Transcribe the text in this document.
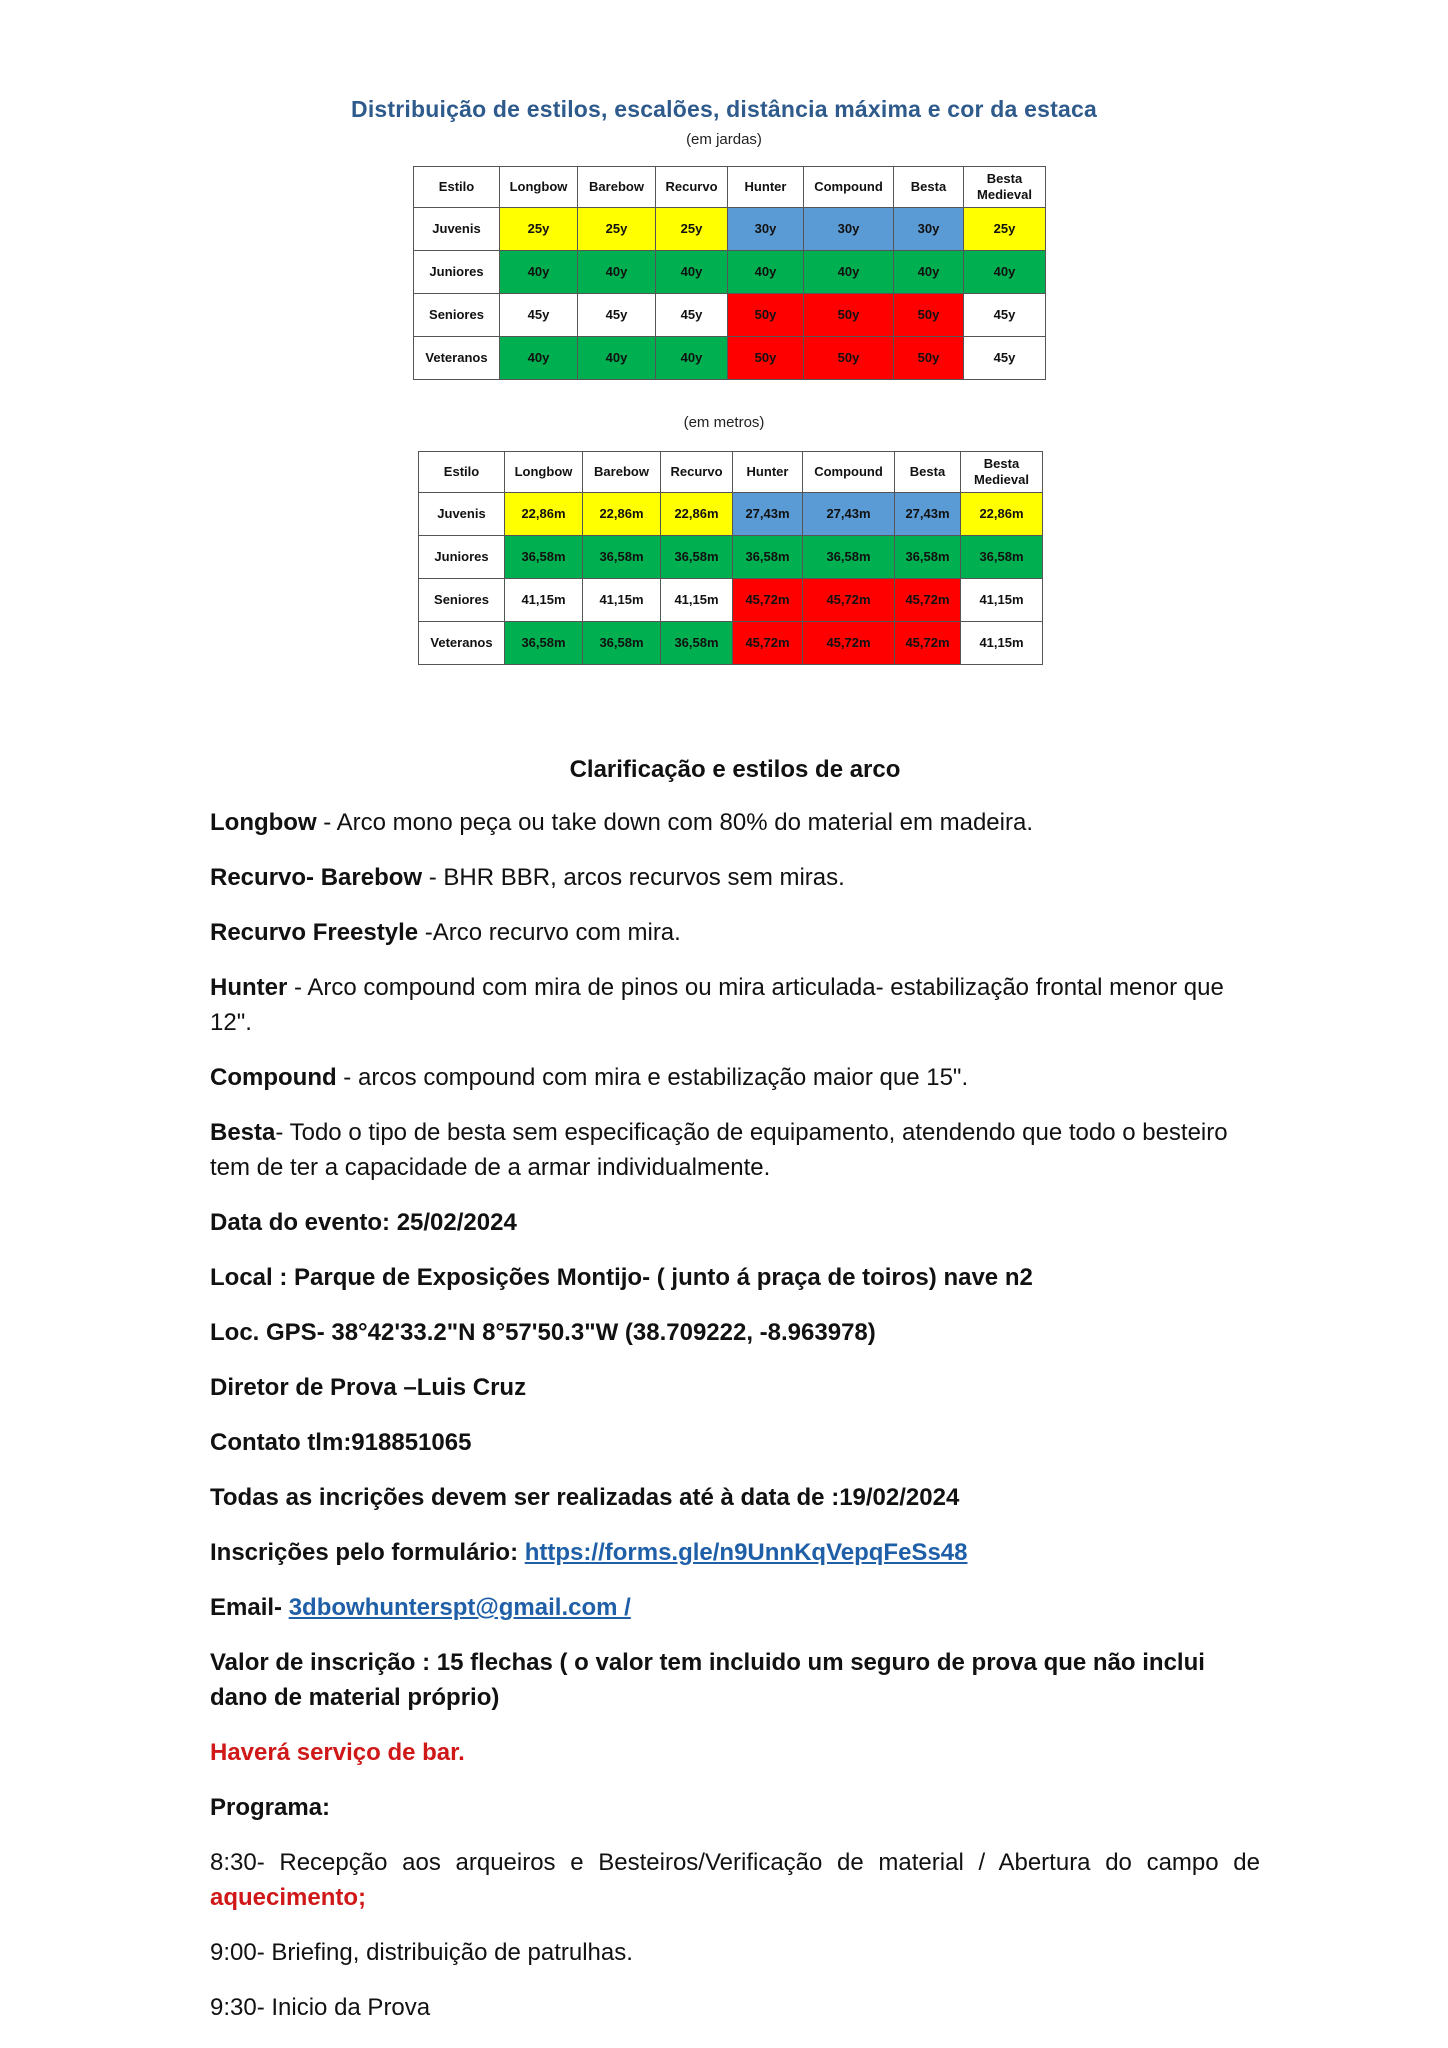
Distribuição de estilos, escalões, distância máxima e cor da estaca
(em jardas)
Estilo	Longbow	Barebow	Recurvo	Hunter	Compound	Besta	Besta Medieval
Juvenis	25y	25y	25y	30y	30y	30y	25y
Juniores	40y	40y	40y	40y	40y	40y	40y
Seniores	45y	45y	45y	50y	50y	50y	45y
Veteranos	40y	40y	40y	50y	50y	50y	45y
(em metros)
Estilo	Longbow	Barebow	Recurvo	Hunter	Compound	Besta	Besta Medieval
Juvenis	22,86m	22,86m	22,86m	27,43m	27,43m	27,43m	22,86m
Juniores	36,58m	36,58m	36,58m	36,58m	36,58m	36,58m	36,58m
Seniores	41,15m	41,15m	41,15m	45,72m	45,72m	45,72m	41,15m
Veteranos	36,58m	36,58m	36,58m	45,72m	45,72m	45,72m	41,15m

Clarificação e estilos de arco

Longbow - Arco mono peça ou take down com 80% do material em madeira.

Recurvo- Barebow - BHR BBR, arcos recurvos sem miras.

Recurvo Freestyle -Arco recurvo com mira.

Hunter - Arco compound com mira de pinos ou mira articulada- estabilização frontal menor que 12".

Compound - arcos compound com mira e estabilização maior que 15".

Besta- Todo o tipo de besta sem especificação de equipamento, atendendo que todo o besteiro tem de ter a capacidade de a armar individualmente.

Data do evento: 25/02/2024

Local : Parque de Exposições Montijo- ( junto á praça de toiros) nave n2

Loc. GPS- 38°42'33.2"N 8°57'50.3"W (38.709222, -8.963978)

Diretor de Prova –Luis Cruz

Contato tlm:918851065

Todas as incrições devem ser realizadas até à data de :19/02/2024

Inscrições pelo formulário: https://forms.gle/n9UnnKqVepqFeSs48

Email- 3dbowhunterspt@gmail.com /

Valor de inscrição : 15 flechas ( o valor tem incluido um seguro de prova que não inclui dano de material próprio)

Haverá serviço de bar.

Programa:

8:30- Recepção aos arqueiros e Besteiros/Verificação de material / Abertura do campo de aquecimento;

9:00- Briefing, distribuição de patrulhas.

9:30- Inicio da Prova
